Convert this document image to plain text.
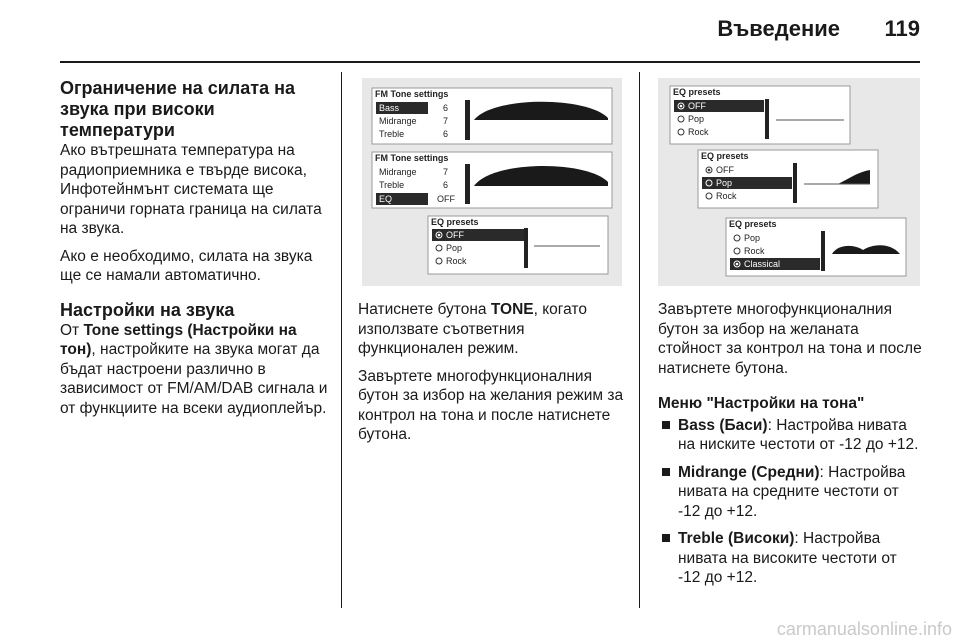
Въведение 119
Ограничение на силата на
звука при високи температури

Ако вътрешната температура на радиоприемника е твърде висока, Инфотейнмънт системата ще ограничи горната граница на силата на звука.

Ако е необходимо, силата на звука ще се намали автоматично.

Настройки на звука

От Tone settings (Настройки на тон), настройките на звука могат да бъдат настроени различно в зависимост от FM/AM/DAB сигнала и от функциите на всеки аудиоплейър.

FM Tone settings
Bass	6
Midrange	7
Treble	6
FM Tone settings
Midrange	7
Treble	6
EQ	OFF
EQ presets
OFF
Pop
Rock

Натиснете бутона TONE, когато използвате съответния функционален режим.

Завъртете многофункционалния бутон за избор на желания режим за контрол на тона и после натиснете бутона.

EQ presets
OFF
Pop
Rock
EQ presets
OFF
Pop
Rock
EQ presets
Pop
Rock
Classical

Завъртете многофункционалния бутон за избор на желаната стойност за контрол на тона и после натиснете бутона.

Меню "Настройки на тона"
Bass (Баси): Настройва нивата на ниските честоти от -12 до +12.
Midrange (Средни): Настройва нивата на средните честоти от -12 до +12.
Treble (Високи): Настройва нивата на високите честоти от -12 до +12.
carmanualsonline.info
